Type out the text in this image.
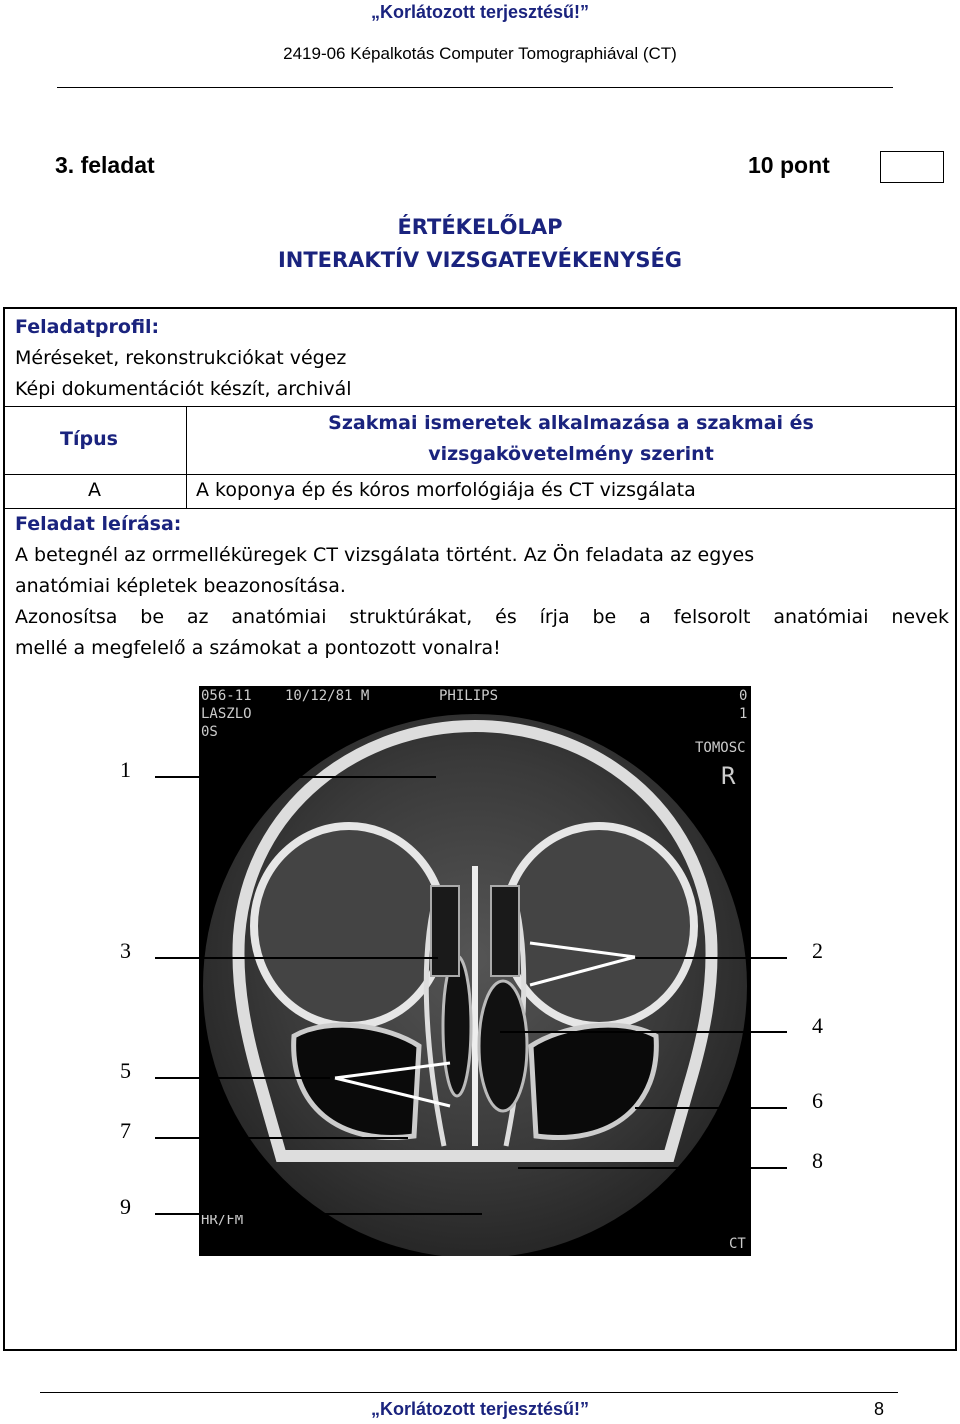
„Korlátozott terjesztésű!”
2419-06 Képalkotás Computer Tomographiával (CT)
3. feladat	10 pont
ÉRTÉKELŐLAP
INTERAKTÍV VIZSGATEVÉKENYSÉG
Feladatprofil:
Méréseket, rekonstrukciókat végez
Képi dokumentációt készít, archivál
Típus
Szakmai ismeretek alkalmazása a szakmai és
vizsgakövetelmény szerint
A	A koponya ép és kóros morfológiája és CT vizsgálata
Feladat leírása:
A betegnél az orrmelléküregek CT vizsgálata történt. Az Ön feladata az egyes
anatómiai képletek beazonosítása.
Azonosítsa be az anatómiai struktúrákat, és írja be a felsorolt anatómiai nevek
mellé a megfelelő a számokat a pontozott vonalra!
056-11
LASZLO
0S
10/12/81 M	PHILIPS	0
1
TOMOSC
R
HR/FM
CT
1
3	2
4
5
6
7
8
9
„Korlátozott terjesztésű!”	8
